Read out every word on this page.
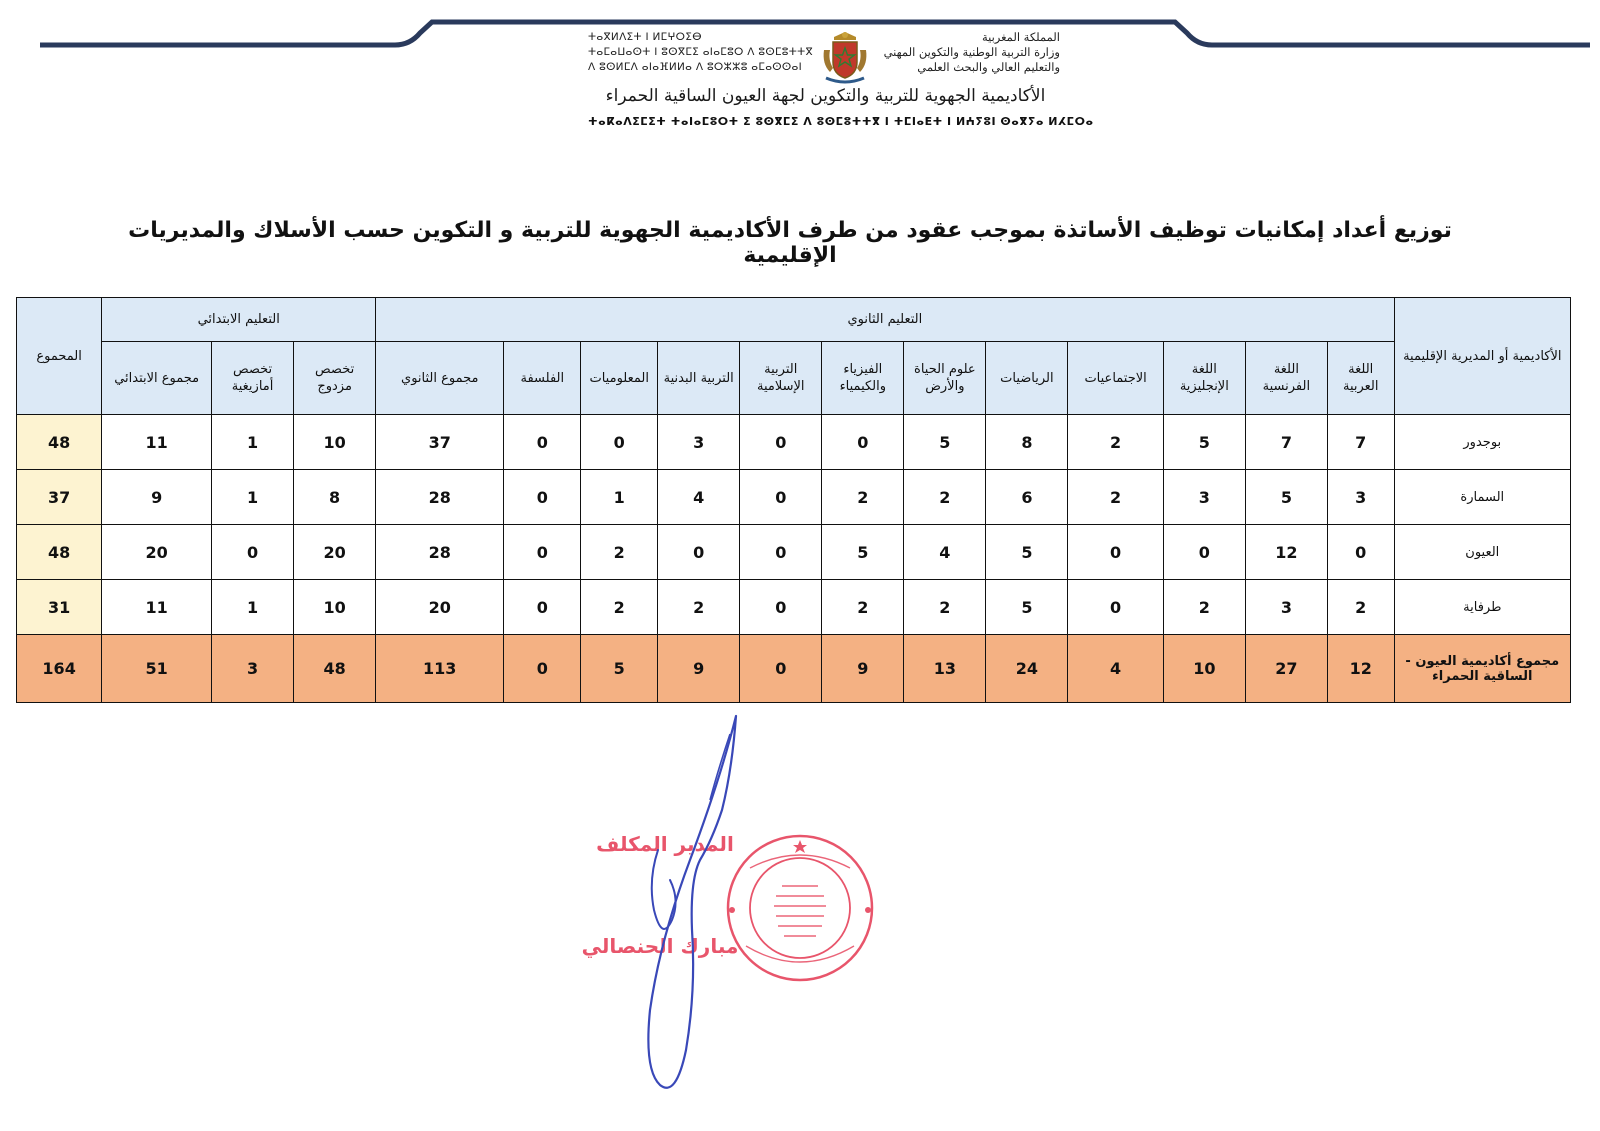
ⵜⴰⴳⵍⴷⵉⵜ ⵏ ⵍⵎⵖⵔⵉⴱ
ⵜⴰⵎⴰⵡⴰⵙⵜ ⵏ ⵓⵙⴳⵎⵉ ⴰⵏⴰⵎⵓⵔ ⴷ ⵓⵙⵎⵓⵜⵜⴳ
ⴷ ⵓⵙⵍⵎⴷ ⴰⵏⴰⴼⵍⵍⴰ ⴷ ⵓⵔⵣⵣⵓ ⴰⵎⴰⵙⵙⴰⵏ
المملكة المغربية
وزارة التربية الوطنية والتكوين المهني
والتعليم العالي والبحث العلمي
الأكاديمية الجهوية للتربية والتكوين لجهة العيون الساقية الحمراء
ⵜⴰⴽⴰⴷⵉⵎⵉⵜ ⵜⴰⵏⴰⵎⵓⵔⵜ ⵉ ⵓⵙⴳⵎⵉ ⴷ ⵓⵙⵎⵓⵜⵜⴳ ⵏ ⵜⵎⵏⴰⴹⵜ ⵏ ⵍⵄⵢⵓⵏ ⵙⴰⴳⵢⴰ ⵍⵃⵎⵔⴰ
توزيع أعداد إمكانيات توظيف الأساتذة بموجب عقود من طرف الأكاديمية الجهوية للتربية و التكوين حسب الأسلاك والمديريات الإقليمية
الأكاديمية أو المديرية الإقليمية	التعليم الثانوي												التعليم الابتدائي			المحموع
	اللغة العربية	اللغة الفرنسية	اللغة الإنجليزية	الاجتماعيات	الرياضيات	علوم الحياة والأرض	الفيزياء والكيمياء	التربية الإسلامية	التربية البدنية	المعلوميات	الفلسفة	مجموع الثانوي	تخصص مزدوج	تخصص أمازيغية	مجموع الابتدائي	
بوجدور	7	7	5	2	8	5	0	0	3	0	0	37	10	1	11	48
السمارة	3	5	3	2	6	2	2	0	4	1	0	28	8	1	9	37
العيون	0	12	0	0	5	4	5	0	0	2	0	28	20	0	20	48
طرفاية	2	3	2	0	5	2	2	0	2	2	0	20	10	1	11	31
مجموع أكاديمية العيون - الساقية الحمراء	12	27	10	4	24	13	9	0	9	5	0	113	48	3	51	164
المدير المكلف
مبارك الحنصالي
